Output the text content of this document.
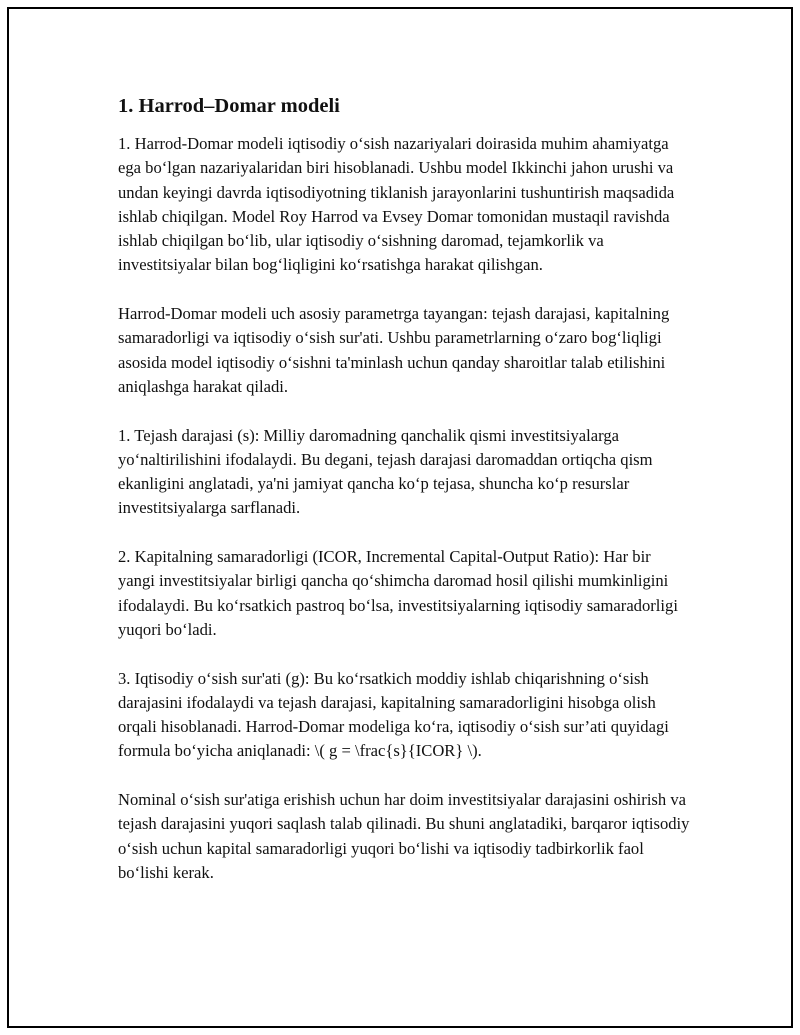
1. Harrod–Domar modeli

1. Harrod-Domar modeli iqtisodiy o‘sish nazariyalari doirasida muhim ahamiyatga ega bo‘lgan nazariyalaridan biri hisoblanadi. Ushbu model Ikkinchi jahon urushi va undan keyingi davrda iqtisodiyotning tiklanish jarayonlarini tushuntirish maqsadida ishlab chiqilgan. Model Roy Harrod va Evsey Domar tomonidan mustaqil ravishda ishlab chiqilgan bo‘lib, ular iqtisodiy o‘sishning daromad, tejamkorlik va investitsiyalar bilan bog‘liqligini ko‘rsatishga harakat qilishgan.

Harrod-Domar modeli uch asosiy parametrga tayangan: tejash darajasi, kapitalning samaradorligi va iqtisodiy o‘sish sur'ati. Ushbu parametrlarning o‘zaro bog‘liqligi asosida model iqtisodiy o‘sishni ta'minlash uchun qanday sharoitlar talab etilishini aniqlashga harakat qiladi.

1. Tejash darajasi (s): Milliy daromadning qanchalik qismi investitsiyalarga yo‘naltirilishini ifodalaydi. Bu degani, tejash darajasi daromaddan ortiqcha qism ekanligini anglatadi, ya'ni jamiyat qancha ko‘p tejasa, shuncha ko‘p resurslar investitsiyalarga sarflanadi.

2. Kapitalning samaradorligi (ICOR, Incremental Capital-Output Ratio): Har bir yangi investitsiyalar birligi qancha qo‘shimcha daromad hosil qilishi mumkinligini ifodalaydi. Bu ko‘rsatkich pastroq bo‘lsa, investitsiyalarning iqtisodiy samaradorligi yuqori bo‘ladi.

3. Iqtisodiy o‘sish sur'ati (g): Bu ko‘rsatkich moddiy ishlab chiqarishning o‘sish darajasini ifodalaydi va tejash darajasi, kapitalning samaradorligini hisobga olish orqali hisoblanadi. Harrod-Domar modeliga ko‘ra, iqtisodiy o‘sish sur’ati quyidagi formula bo‘yicha aniqlanadi: \( g = \frac{s}{ICOR} \).

Nominal o‘sish sur'atiga erishish uchun har doim investitsiyalar darajasini oshirish va tejash darajasini yuqori saqlash talab qilinadi. Bu shuni anglatadiki, barqaror iqtisodiy o‘sish uchun kapital samaradorligi yuqori bo‘lishi va iqtisodiy tadbirkorlik faol bo‘lishi kerak.
